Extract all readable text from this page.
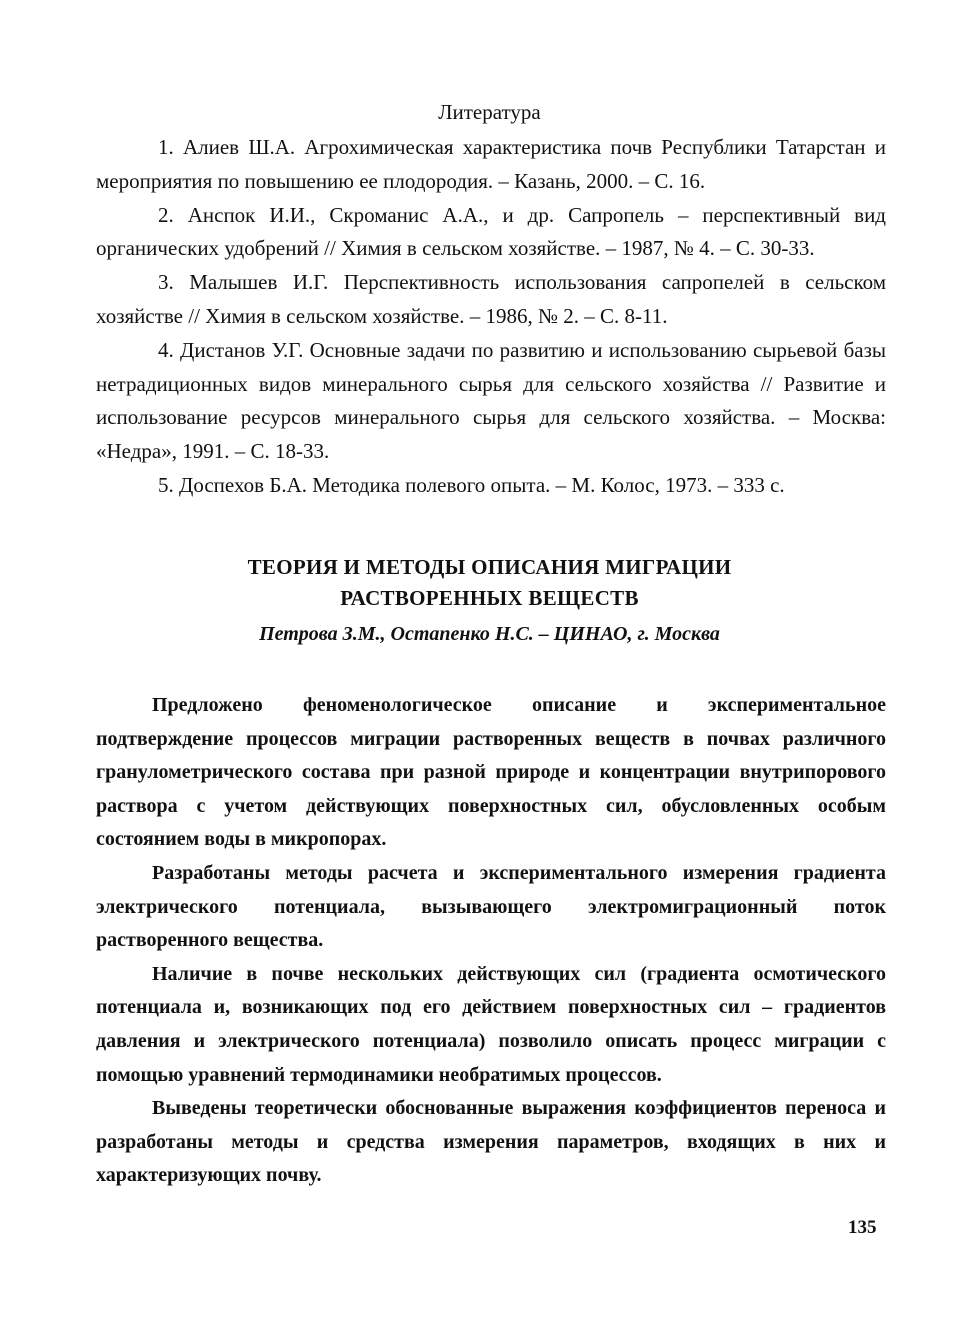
Литература

1. Алиев Ш.А. Агрохимическая характеристика почв Республики Татарстан и мероприятия по повышению ее плодородия. – Казань, 2000. – С. 16.

2. Анспок И.И., Скроманис А.А., и др. Сапропель – перспективный вид органических удобрений // Химия в сельском хозяйстве. – 1987, № 4. – С. 30-33.

3. Малышев И.Г. Перспективность использования сапропелей в сельском хозяйстве // Химия в сельском хозяйстве. – 1986, № 2. – С. 8-11.

4. Дистанов У.Г. Основные задачи по развитию и использованию сырьевой базы нетрадиционных видов минерального сырья для сельского хозяйства // Развитие и использование ресурсов минерального сырья для сельского хозяйства. – Москва: «Недра», 1991. – С. 18-33.

5. Доспехов Б.А. Методика полевого опыта. – М. Колос, 1973. – 333 с.

ТЕОРИЯ И МЕТОДЫ ОПИСАНИЯ МИГРАЦИИ
РАСТВОРЕННЫХ ВЕЩЕСТВ
Петрова З.М., Остапенко Н.С. – ЦИНАО, г. Москва

Предложено феноменологическое описание и экспериментальное подтверждение процессов миграции растворенных веществ в почвах различного гранулометрического состава при разной природе и концентрации внутрипорового раствора с учетом действующих поверхностных сил, обусловленных особым состоянием воды в микропорах.

Разработаны методы расчета и экспериментального измерения градиента электрического потенциала, вызывающего электромиграционный поток растворенного вещества.

Наличие в почве нескольких действующих сил (градиента осмотического потенциала и, возникающих под его действием поверхностных сил – градиентов давления и электрического потенциала) позволило описать процесс миграции с помощью уравнений термодинамики необратимых процессов.

Выведены теоретически обоснованные выражения коэффициентов переноса и разработаны методы и средства измерения параметров, входящих в них и характеризующих почву.

135
